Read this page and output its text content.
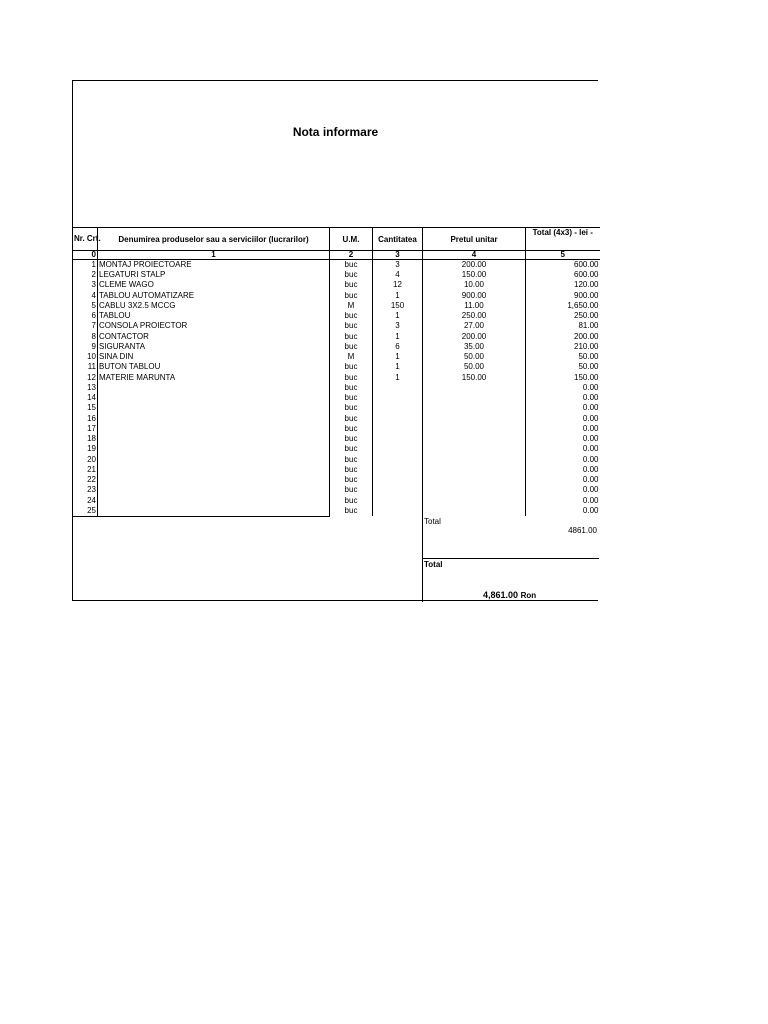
Nota informare
Nr. Crt.	Denumirea produselor sau a serviciilor (lucrarilor)	U.M.	Cantitatea	Pretul unitar	Total (4x3) - lei -
0	1	2	3	4	5
1	MONTAJ PROIECTOARE	buc	3	200.00	600.00
2	LEGATURI STALP	buc	4	150.00	600.00
3	CLEME WAGO	buc	12	10.00	120.00
4	TABLOU AUTOMATIZARE	buc	1	900.00	900.00
5	CABLU 3X2.5 MCCG	M	150	11.00	1,650.00
6	TABLOU	buc	1	250.00	250.00
7	CONSOLA PROIECTOR	buc	3	27.00	81.00
8	CONTACTOR	buc	1	200.00	200.00
9	SIGURANTA	buc	6	35.00	210.00
10	SINA DIN	M	1	50.00	50.00
11	BUTON TABLOU	buc	1	50.00	50.00
12	MATERIE MARUNTA	buc	1	150.00	150.00
13		buc			0.00
14		buc			0.00
15		buc			0.00
16		buc			0.00
17		buc			0.00
18		buc			0.00
19		buc			0.00
20		buc			0.00
21		buc			0.00
22		buc			0.00
23		buc			0.00
24		buc			0.00
25		buc			0.00
Total
4861.00
Total
4,861.00 Ron
